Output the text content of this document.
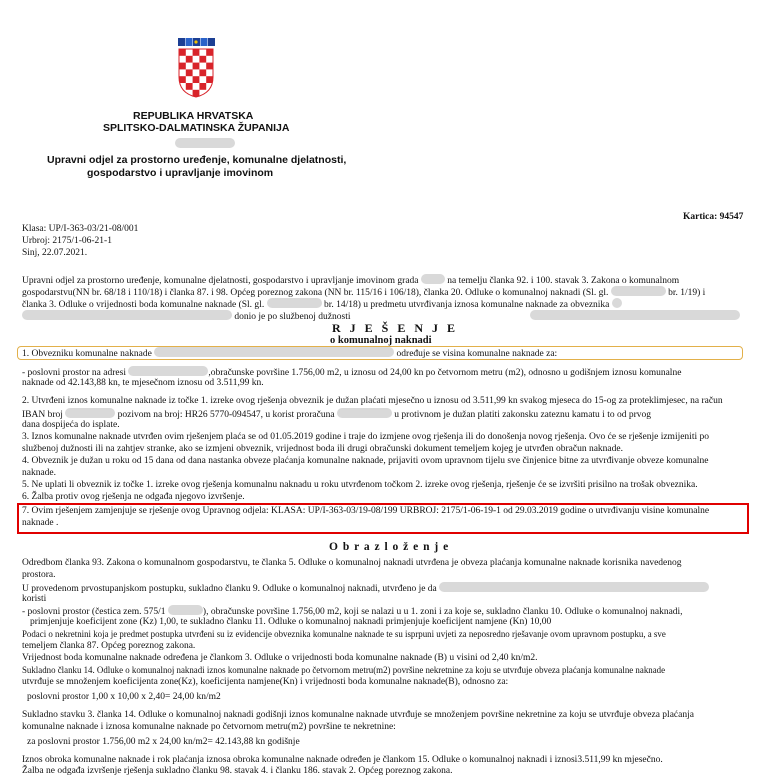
REPUBLIKA HRVATSKA
SPLITSKO-DALMATINSKA ŽUPANIJA
Upravni odjel za prostorno uređenje, komunalne djelatnosti,
gospodarstvo i upravljanje imovinom
Kartica: 94547
Klasa: UP/I-363-03/21-08/001
Urbroj: 2175/1-06-21-1
Sinj, 22.07.2021.
Upravni odjel za prostorno uređenje, komunalne djelatnosti, gospodarstvo i upravljanje imovinom grada	na temelju članka 92. i 100. stavak 3. Zakona o komunalnom
gospodarstvu(NN br. 68/18 i 110/18) i članka 87. i 98. Općeg poreznog zakona (NN br. 115/16 i 106/18), članka 20. Odluke o komunalnoj naknadi (Sl. gl.	br. 1/19) i
članka 3. Odluke o vrijednosti boda komunalne naknade (Sl. gl.	br. 14/18) u predmetu utvrđivanja iznosa komunalne naknade za obveznika
donio je po službenoj dužnosti
R J E Š E N J E
o komunalnoj naknadi
1. Obvezniku komunalne naknade	određuje se visina komunalne naknade za:
- poslovni prostor na adresi	,obračunske površine 1.756,00 m2, u iznosu od 24,00 kn po četvornom metru (m2), odnosno u godišnjem iznosu komunalne
naknade od 42.143,88 kn, te mjesečnom iznosu od 3.511,99 kn.
2. Utvrđeni iznos komunalne naknade iz točke 1. izreke ovog rješenja obveznik je dužan plaćati mjesečno u iznosu od 3.511,99 kn svakog mjeseca do 15-og za proteklimjesec, na račun
IBAN broj	pozivom na broj: HR26 5770-094547, u korist proračuna	u protivnom je dužan platiti zakonsku zateznu kamatu i to od prvog
dana dospijeća do isplate.
3. Iznos komunalne naknade utvrđen ovim rješenjem plaća se od 01.05.2019 godine i traje do izmjene ovog rješenja ili do donošenja novog rješenja. Ovo će se rješenje izmijeniti po
službenoj dužnosti ili na zahtjev stranke, ako se izmjeni obveznik, vrijednost boda ili drugi obračunski dokument temeljem kojeg je utvrđen obračun naknade.
4. Obveznik je dužan u roku od 15 dana od dana nastanka obveze plaćanja komunalne naknade, prijaviti ovom upravnom tijelu sve činjenice bitne za utvrđivanje obveze komunalne
naknade.
5. Ne uplati li obveznik iz točke 1. izreke ovog rješenja komunalnu naknadu u roku utvrđenom točkom 2. izreke ovog rješenja, rješenje će se izvršiti prisilno na trošak obveznika.
6. Žalba protiv ovog rješenja ne odgađa njegovo izvršenje.
7. Ovim rješenjem zamjenjuje se rješenje ovog Upravnog odjela: KLASA: UP/I-363-03/19-08/199 URBROJ: 2175/1-06-19-1 od 29.03.2019 godine o utvrđivanju visine komunalne
naknade .
O b r a z l o ž e n j e
Odredbom članka 93. Zakona o komunalnom gospodarstvu, te članka 5. Odluke o komunalnoj naknadi utvrđena je obveza plaćanja komunalne naknade korisnika navedenog
prostora.
U provedenom prvostupanjskom postupku, sukladno članku 9. Odluke o komunalnoj naknadi, utvrđeno je da
koristi
- poslovni prostor (čestica zem. 575/1	), obračunske površine 1.756,00 m2, koji se nalazi u u 1. zoni i za koje se, sukladno članku 10. Odluke o komunalnoj naknadi,
primjenjuje koeficijent zone (Kz) 1,00, te sukladno članku 11. Odluke o komunalnoj naknadi primjenjuje koeficijent namjene (Kn) 10,00
Podaci o nekretnini koja je predmet postupka utvrđeni su iz evidencije obveznika komunalne naknade te su isprpuni uvjeti za neposredno rješavanje ovom upravnom postupku, a sve
temeljem članka 87. Općeg poreznog zakona.
Vrijednost boda komunalne naknade određena je člankom 3. Odluke o vrijednosti boda komunalne naknade (B) u visini od 2,40 kn/m2.
Sukladno članku 14. Odluke o komunalnoj naknadi iznos komunalne naknade po četvornom metru(m2) površine nekretnine za koju se utvrđuje obveza plaćanja komunalne naknade
utvrđuje se množenjem koeficijenta zone(Kz), koeficijenta namjene(Kn) i vrijednosti boda komunalne naknade(B), odnosno za:
poslovni prostor 1,00 x 10,00 x 2,40= 24,00 kn/m2
Sukladno stavku 3. članka 14. Odluke o komunalnoj naknadi godišnji iznos komunalne naknade utvrđuje se množenjem površine nekretnine za koju se utvrđuje obveza plaćanja
komunalne naknade i iznosa komunalne naknade po četvornom metru(m2) površine te nekretnine:
za poslovni prostor 1.756,00 m2 x 24,00 kn/m2= 42.143,88 kn godišnje
Iznos obroka komunalne naknade i rok plaćanja iznosa obroka komunalne naknade određen je člankom 15. Odluke o komunalnoj naknadi i iznosi3.511,99 kn mjesečno.
Žalba ne odgađa izvršenje rješenja sukladno članku 98. stavak 4. i članku 186. stavak 2. Općeg poreznog zakona.
